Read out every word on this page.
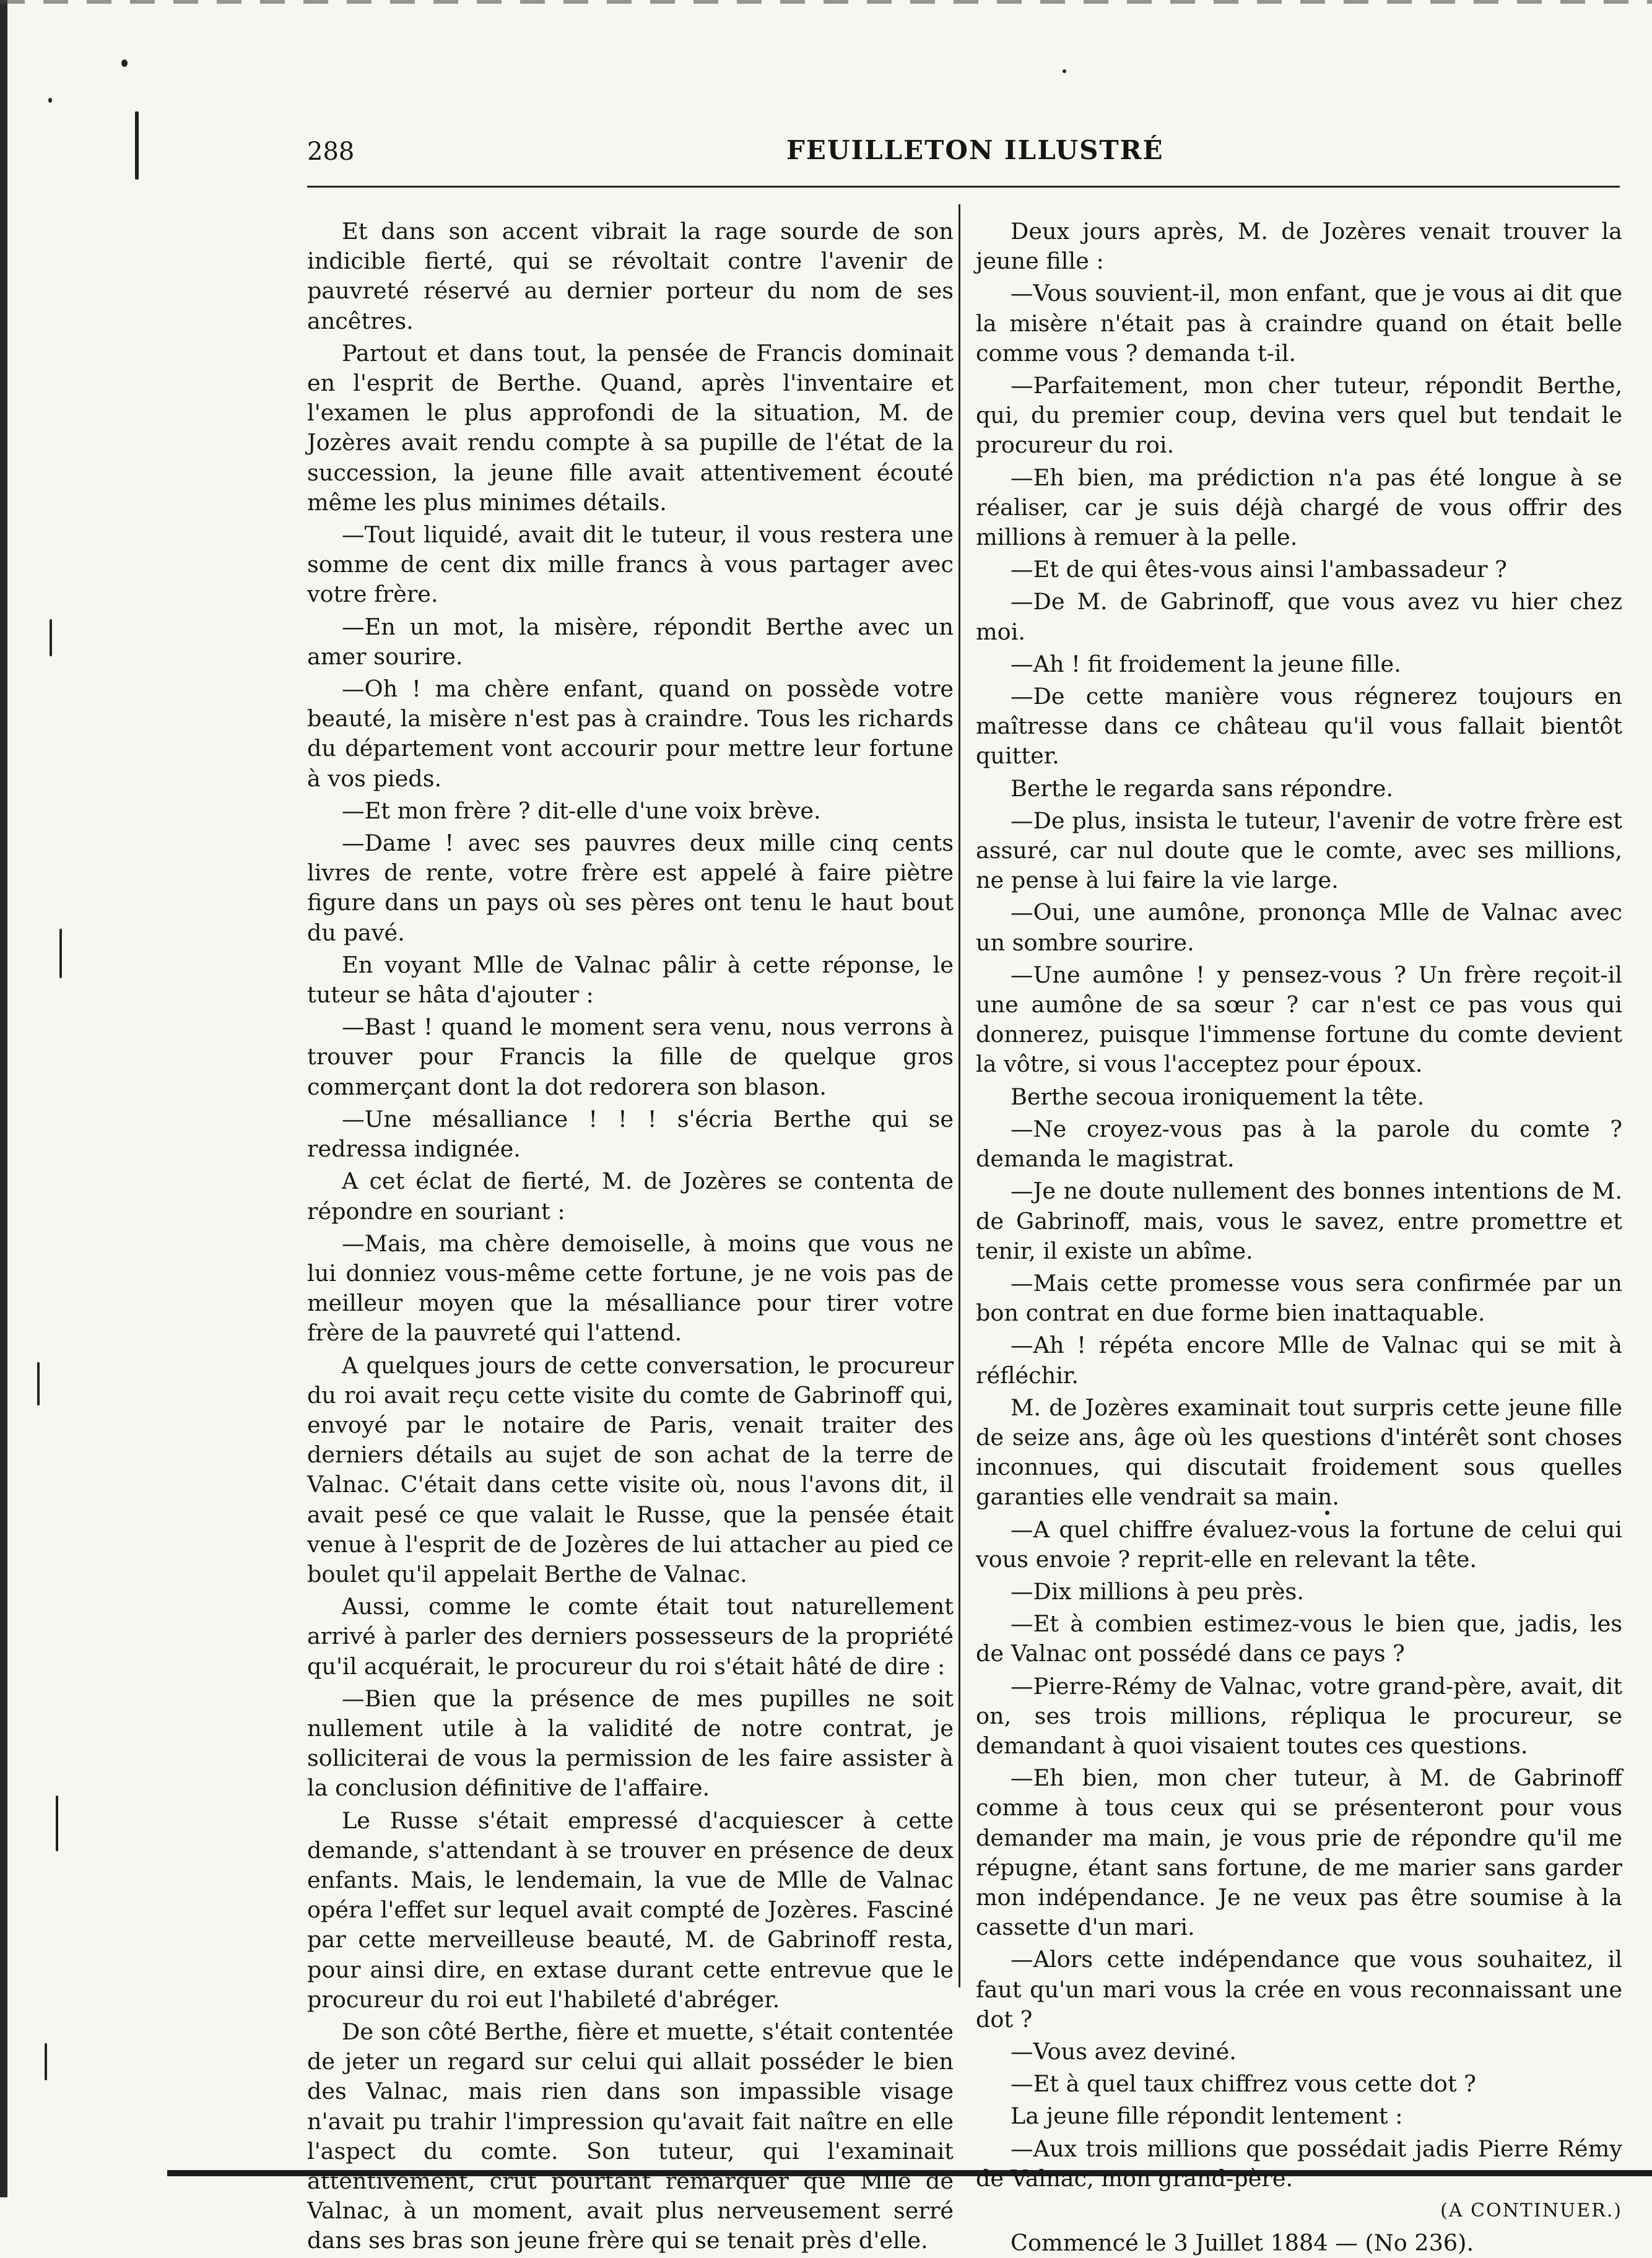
288	FEUILLETON ILLUSTRÉ

Et dans son accent vibrait la rage sourde de son indicible fierté, qui se révoltait contre l'avenir de pauvreté réservé au dernier porteur du nom de ses ancêtres.

Partout et dans tout, la pensée de Francis dominait en l'esprit de Berthe. Quand, après l'inventaire et l'examen le plus approfondi de la situation, M. de Jozères avait rendu compte à sa pupille de l'état de la succession, la jeune fille avait attentivement écouté même les plus minimes détails.

—Tout liquidé, avait dit le tuteur, il vous restera une somme de cent dix mille francs à vous partager avec votre frère.

—En un mot, la misère, répondit Berthe avec un amer sourire.

—Oh ! ma chère enfant, quand on possède votre beauté, la misère n'est pas à craindre. Tous les richards du département vont accourir pour mettre leur fortune à vos pieds.

—Et mon frère ? dit-elle d'une voix brève.

—Dame ! avec ses pauvres deux mille cinq cents livres de rente, votre frère est appelé à faire piètre figure dans un pays où ses pères ont tenu le haut bout du pavé.

En voyant Mlle de Valnac pâlir à cette réponse, le tuteur se hâta d'ajouter :

—Bast ! quand le moment sera venu, nous verrons à trouver pour Francis la fille de quelque gros commerçant dont la dot redorera son blason.

—Une mésalliance ! ! ! s'écria Berthe qui se redressa indignée.

A cet éclat de fierté, M. de Jozères se contenta de répondre en souriant :

—Mais, ma chère demoiselle, à moins que vous ne lui donniez vous-même cette fortune, je ne vois pas de meilleur moyen que la mésalliance pour tirer votre frère de la pauvreté qui l'attend.

A quelques jours de cette conversation, le procureur du roi avait reçu cette visite du comte de Gabrinoff qui, envoyé par le notaire de Paris, venait traiter des derniers détails au sujet de son achat de la terre de Valnac. C'était dans cette visite où, nous l'avons dit, il avait pesé ce que valait le Russe, que la pensée était venue à l'esprit de de Jozères de lui attacher au pied ce boulet qu'il appelait Berthe de Valnac.

Aussi, comme le comte était tout naturellement arrivé à parler des derniers possesseurs de la propriété qu'il acquérait, le procureur du roi s'était hâté de dire :

—Bien que la présence de mes pupilles ne soit nullement utile à la validité de notre contrat, je solliciterai de vous la permission de les faire assister à la conclusion définitive de l'affaire.

Le Russe s'était empressé d'acquiescer à cette demande, s'attendant à se trouver en présence de deux enfants. Mais, le lendemain, la vue de Mlle de Valnac opéra l'effet sur lequel avait compté de Jozères. Fasciné par cette merveilleuse beauté, M. de Gabrinoff resta, pour ainsi dire, en extase durant cette entrevue que le procureur du roi eut l'habileté d'abréger.

De son côté Berthe, fière et muette, s'était contentée de jeter un regard sur celui qui allait posséder le bien des Valnac, mais rien dans son impassible visage n'avait pu trahir l'impression qu'avait fait naître en elle l'aspect du comte. Son tuteur, qui l'examinait attentivement, crut pourtant remarquer que Mlle de Valnac, à un moment, avait plus nerveusement serré dans ses bras son jeune frère qui se tenait près d'elle.

Deux jours après, M. de Jozères venait trouver la jeune fille :

—Vous souvient-il, mon enfant, que je vous ai dit que la misère n'était pas à craindre quand on était belle comme vous ? demanda t-il.

—Parfaitement, mon cher tuteur, répondit Berthe, qui, du premier coup, devina vers quel but tendait le procureur du roi.

—Eh bien, ma prédiction n'a pas été longue à se réaliser, car je suis déjà chargé de vous offrir des millions à remuer à la pelle.

—Et de qui êtes-vous ainsi l'ambassadeur ?

—De M. de Gabrinoff, que vous avez vu hier chez moi.

—Ah ! fit froidement la jeune fille.

—De cette manière vous régnerez toujours en maîtresse dans ce château qu'il vous fallait bientôt quitter.

Berthe le regarda sans répondre.

—De plus, insista le tuteur, l'avenir de votre frère est assuré, car nul doute que le comte, avec ses millions, ne pense à lui faire la vie large.

—Oui, une aumône, prononça Mlle de Valnac avec un sombre sourire.

—Une aumône ! y pensez-vous ? Un frère reçoit-il une aumône de sa sœur ? car n'est ce pas vous qui donnerez, puisque l'immense fortune du comte devient la vôtre, si vous l'acceptez pour époux.

Berthe secoua ironiquement la tête.

—Ne croyez-vous pas à la parole du comte ? demanda le magistrat.

—Je ne doute nullement des bonnes intentions de M. de Gabrinoff, mais, vous le savez, entre promettre et tenir, il existe un abîme.

—Mais cette promesse vous sera confirmée par un bon contrat en due forme bien inattaquable.

—Ah ! répéta encore Mlle de Valnac qui se mit à réfléchir.

M. de Jozères examinait tout surpris cette jeune fille de seize ans, âge où les questions d'intérêt sont choses inconnues, qui discutait froidement sous quelles garanties elle vendrait sa main.

—A quel chiffre évaluez-vous la fortune de celui qui vous envoie ? reprit-elle en relevant la tête.

—Dix millions à peu près.

—Et à combien estimez-vous le bien que, jadis, les de Valnac ont possédé dans ce pays ?

—Pierre-Rémy de Valnac, votre grand-père, avait, dit on, ses trois millions, répliqua le procureur, se demandant à quoi visaient toutes ces questions.

—Eh bien, mon cher tuteur, à M. de Gabrinoff comme à tous ceux qui se présenteront pour vous demander ma main, je vous prie de répondre qu'il me répugne, étant sans fortune, de me marier sans garder mon indépendance. Je ne veux pas être soumise à la cassette d'un mari.

—Alors cette indépendance que vous souhaitez, il faut qu'un mari vous la crée en vous reconnaissant une dot ?

—Vous avez deviné.

—Et à quel taux chiffrez vous cette dot ?

La jeune fille répondit lentement :

—Aux trois millions que possédait jadis Pierre Rémy de Valnac, mon grand-père.

(A CONTINUER.)

Commencé le 3 Juillet 1884 — (No 236).
